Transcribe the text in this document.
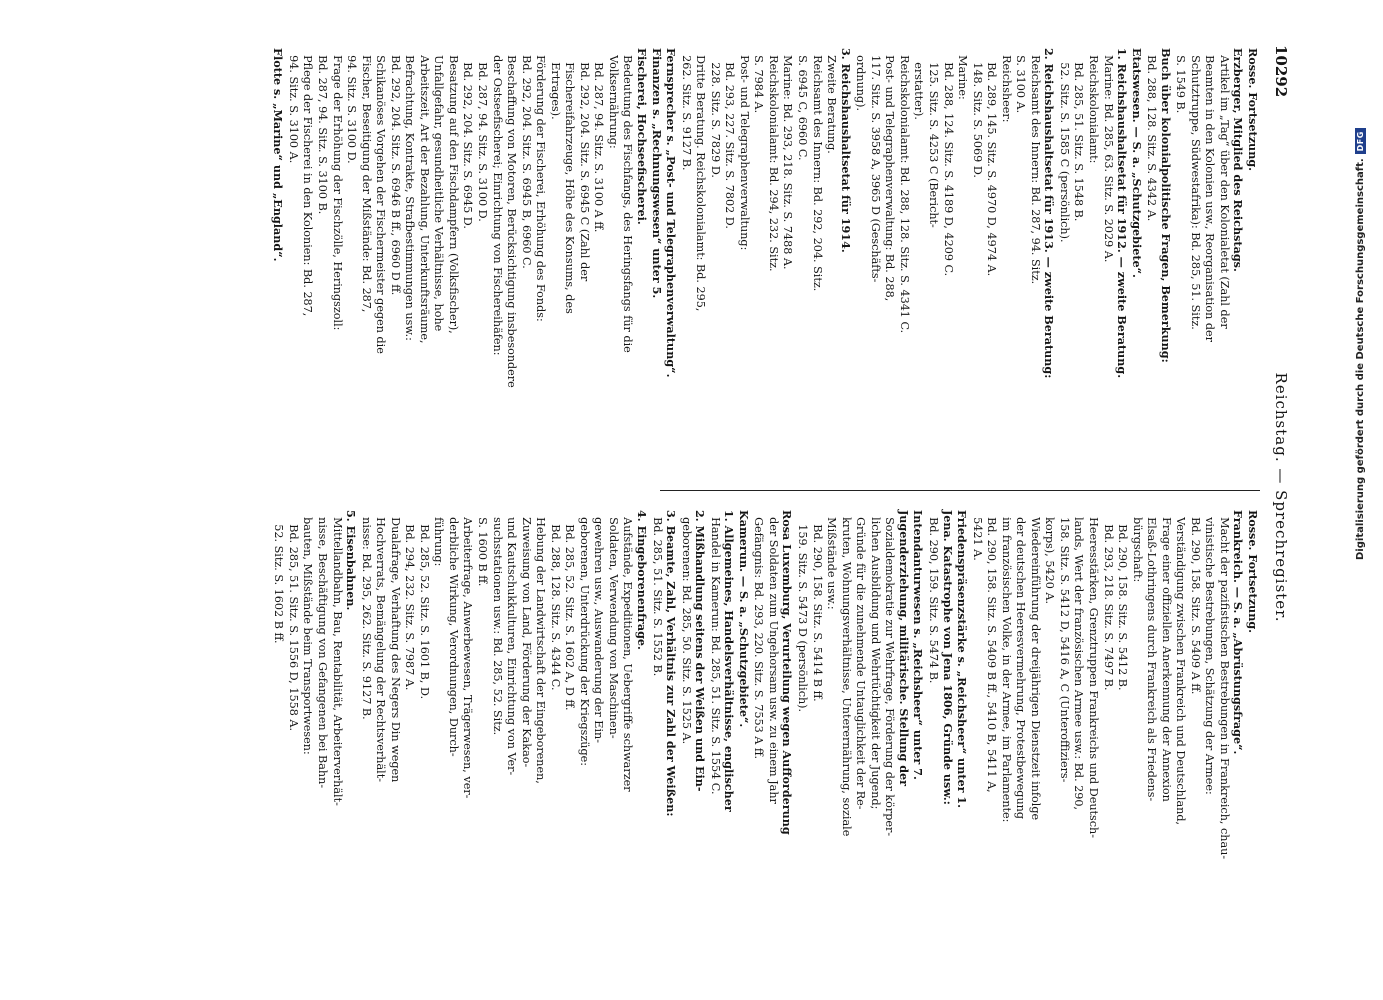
10292
Reichstag. — Sprechregister.

Rosse. Fortsetzung.

Erzberger, Mitglied des Reichstags.

Artikel im „Tag“ über den Kolonialetat (Zahl der

Beamten in den Kolonien usw., Reorganisation der

Schutztruppe, Südwestafrika): Bd. 285, 51. Sitz.

S. 1549 B.

Buch über kolonialpolitische Fragen, Bemerkung:

Bd. 288, 128. Sitz. S. 4342 A.

Etatswesen. — S. a. „Schutzgebiete“.

1. Reichshaushaltsetat für 1912. — zweite Beratung.

Marine: Bd. 285, 63. Sitz. S. 2029 A.

Reichskolonialamt:

Bd. 285, 51. Sitz. S. 1548 B.

52. Sitz. S. 1585 C (persönlich).

2. Reichshaushaltsetat für 1913. — zweite Beratung:

Reichsamt des Innern: Bd. 287, 94. Sitz.

S. 3100 A.

Reichsheer:

Bd. 289, 145. Sitz. S. 4970 D, 4974 A.

148. Sitz. S. 5069 D.

Marine:

Bd. 288, 124. Sitz. S. 4189 D, 4209 C.

125. Sitz. S. 4253 C (Bericht-

erstatter).

Reichskolonialamt: Bd. 288, 128. Sitz. S. 4341 C.

Post- und Telegraphenverwaltung: Bd. 288,

117. Sitz. S. 3958 A, 3965 D (Geschäfts-

ordnung).

3. Reichshaushaltsetat für 1914.

Zweite Beratung.

Reichsamt des Innern: Bd. 292, 204. Sitz.

S. 6945 C, 6960 C.

Marine: Bd. 293, 218. Sitz. S. 7488 A.

Reichskolonialamt: Bd. 294, 232. Sitz.

S. 7984 A.

Post- und Telegraphenverwaltung:

Bd. 293, 227. Sitz. S. 7802 D.

228. Sitz. S. 7829 D.

Dritte Beratung. Reichskolonialamt: Bd. 295,

262. Sitz. S. 9127 B.

Fernsprecher s. „Post- und Telegraphenverwaltung“.

Finanzen s. „Rechnungswesen“ unter 5.

Fischerei, Hochseefischerei.

Bedeutung des Fischfangs, des Heringsfangs für die

Volksernährung:

Bd. 287, 94. Sitz. S. 3100 A ff.

Bd. 292, 204. Sitz. S. 6945 C (Zahl der

Fischereifahrzeuge, Höhe des Konsums, des

Ertrages).

Förderung der Fischerei, Erhöhung des Fonds:

Bd. 292, 204. Sitz. S. 6945 B, 6960 C.

Beschaffung von Motoren, Berücksichtigung insbesondere

der Ostseefischerei; Einrichtung von Fischereihäfen:

Bd. 287, 94. Sitz. S. 3100 D.

Bd. 292, 204. Sitz. S. 6945 D.

Besatzung auf den Fischdampfern (Volksfischer),

Unfallgefahr, gesundheitliche Verhältnisse, hohe

Arbeitszeit, Art der Bezahlung, Unterkunftsräume,

Befrachtung, Kontrakte, Strafbestimmungen usw.:

Bd. 292, 204. Sitz. S. 6946 B ff., 6960 D ff.

Schikanöses Vorgehen der Fischermeister gegen die

Fischer, Beseitigung der Mißstände: Bd. 287,

94. Sitz. S. 3100 D.

Frage der Erhöhung der Fischzölle, Heringszoll:

Bd. 287, 94. Sitz. S. 3100 B.

Pflege der Fischerei in den Kolonien: Bd. 287,

94. Sitz. S. 3100 A.

Flotte s. „Marine“ und „England“.

Rosse. Fortsetzung.

Frankreich. — S. a. „Abrüstungsfrage“.

Macht der pazifistischen Bestrebungen in Frankreich, chau-

vinistische Bestrebungen, Schätzung der Armee:

Bd. 290, 158. Sitz. S. 5409 A ff.

Verständigung zwischen Frankreich und Deutschland,

Frage einer offiziellen Anerkennung der Annexion

Elsaß-Lothringens durch Frankreich als Friedens-

bürgschaft:

Bd. 290, 158. Sitz. S. 5412 B.

Bd. 293, 218. Sitz. S. 7497 B.

Heeresstärken, Grenztruppen Frankreichs und Deutsch-

lands, Wert der französischen Armee usw.: Bd. 290,

158. Sitz. S. 5412 D, 5416 A, C (Unteroffiziers-

korps), 5420 A.

Wiedereinführung der dreijährigen Dienstzeit infolge

der deutschen Heeresvermehrung, Protestbewegung

im französischen Volke, in der Armee, im Parlamente:

Bd. 290, 158. Sitz. S. 5409 B ff., 5410 B, 5411 A,

5421 A.

Friedenspräsenzstärke s. „Reichsheer“ unter 1.

Jena. Katastrophe von Jena 1806, Gründe usw.:

Bd. 290, 159. Sitz. S. 5474 B.

Intendanturwesen s. „Reichsheer“ unter 7.

Jugenderziehung, militärische. Stellung der

Sozialdemokratie zur Wehrfrage, Förderung der körper-

lichen Ausbildung und Wehrtüchtigkeit der Jugend;

Gründe für die zunehmende Untauglichkeit der Re-

kruten, Wohnungsverhältnisse, Unterernährung, soziale

Mißstände usw.:

Bd. 290, 158. Sitz. S. 5414 B ff.

159. Sitz. S. 5473 D (persönlich).

Rosa Luxemburg, Verurteilung wegen Aufforderung

der Soldaten zum Ungehorsam usw. zu einem Jahr

Gefängnis: Bd. 293, 220. Sitz. S. 7553 A ff.

Kamerun. — S. a. „Schutzgebiete“.

1. Allgemeines, Handelsverhältnisse, englischer

Handel in Kamerun: Bd. 285, 51. Sitz. S. 1554 C.

2. Mißhandlung seitens der Weißen und Ein-

geborenen: Bd. 285, 50. Sitz. S. 1525 A.

3. Beamte, Zahl, Verhältnis zur Zahl der Weißen:

Bd. 285, 51. Sitz. S. 1552 B.

4. Eingeborenenfrage.

Aufstände, Expeditionen, Uebergriffe schwarzer

Soldaten, Verwendung von Maschinen-

gewehren usw., Auswanderung der Ein-

geborenen, Unterdrückung der Kriegszüge:

Bd. 285, 52. Sitz. S. 1602 A, D ff.

Bd. 288, 128. Sitz. S. 4344 C.

Hebung der Landwirtschaft der Eingeborenen,

Zuweisung von Land, Förderung der Kakao-

und Kautschukkulturen, Einrichtung von Ver-

suchsstationen usw.: Bd. 285, 52. Sitz.

S. 1600 B ff.

Arbeiterfrage, Anwerbewesen, Trägerwesen, ver-

derbliche Wirkung, Verordnungen, Durch-

führung:

Bd. 285, 52. Sitz. S. 1601 B, D.

Bd. 294, 232. Sitz. S. 7987 A.

Dualafrage, Verhaftung des Negers Din wegen

Hochverrats, Bemängelung der Rechtsverhält-

nisse: Bd. 295, 262. Sitz. S. 9127 B.

5. Eisenbahnen.

Mittellandbahn, Bau, Rentabilität, Arbeiterverhält-

nisse, Beschäftigung von Gefangenen bei Bahn-

bauten, Mißstände beim Transportwesen:

Bd. 285, 51. Sitz. S. 1556 D, 1558 A.

52. Sitz. S. 1602 B ff.

Digitalisierung gefördert durch die Deutsche Forschungsgemeinschaft.
DFG
